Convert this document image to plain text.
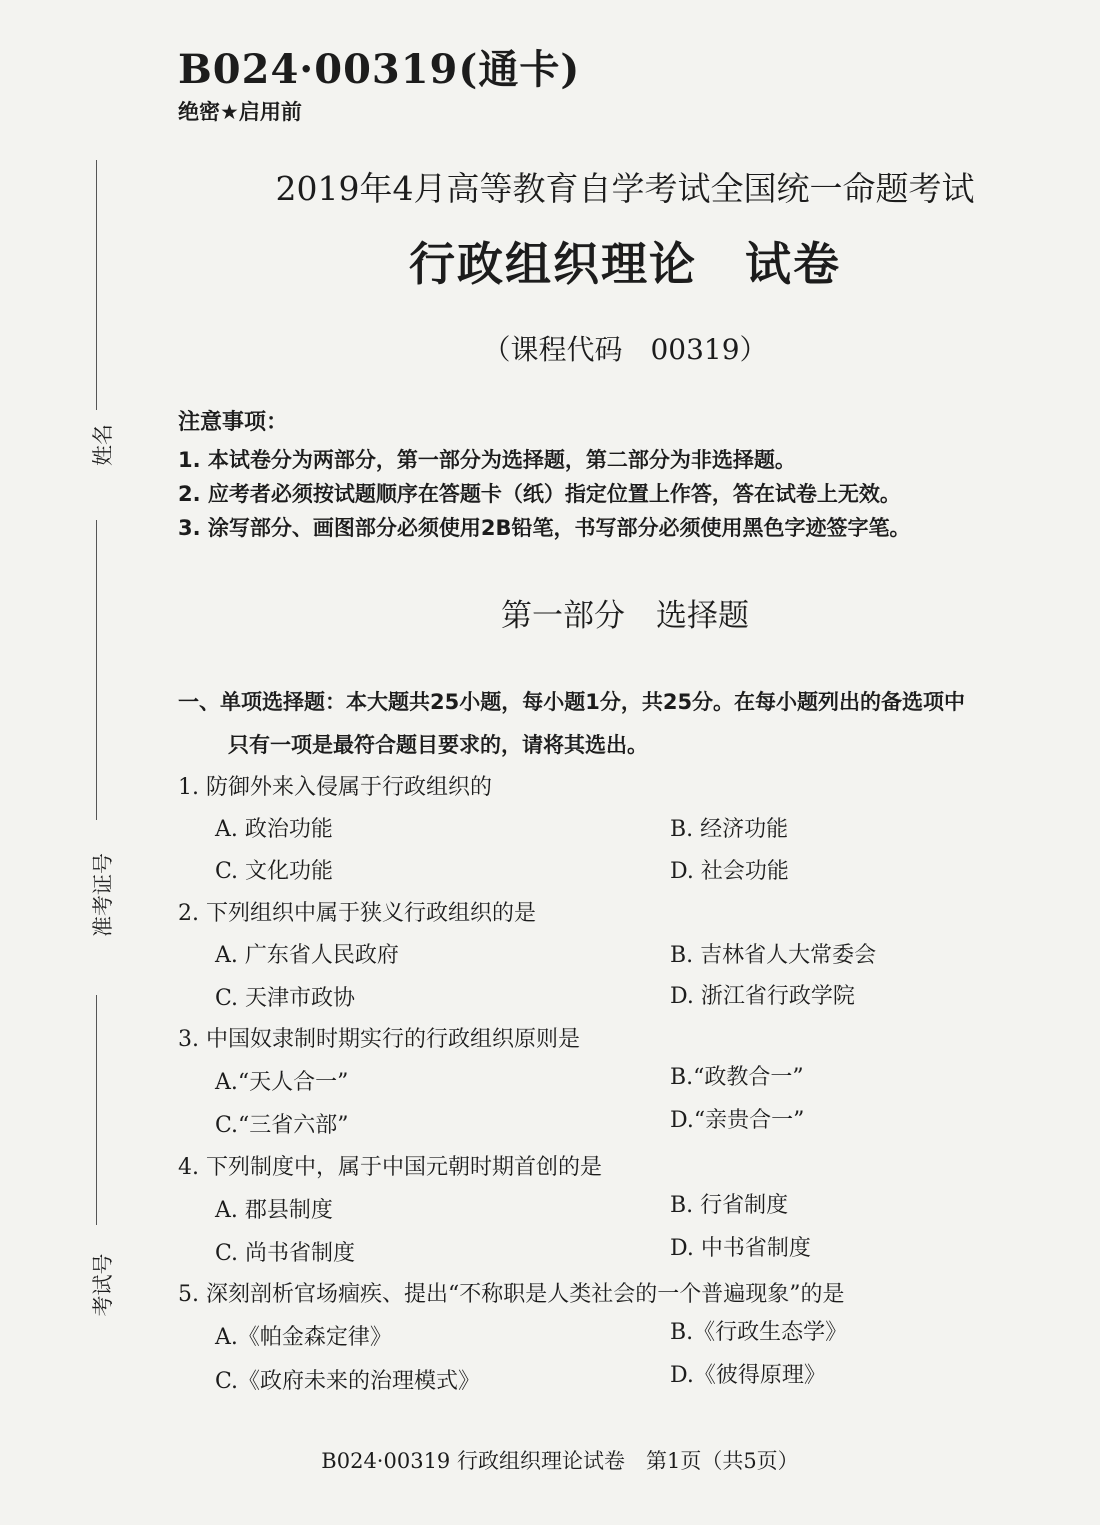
姓名
准考证号
考试号
B024·00319(通卡)
绝密★启用前
2019年4月高等教育自学考试全国统一命题考试
行政组织理论　试卷
（课程代码　00319）
注意事项：
1. 本试卷分为两部分，第一部分为选择题，第二部分为非选择题。
2. 应考者必须按试题顺序在答题卡（纸）指定位置上作答，答在试卷上无效。
3. 涂写部分、画图部分必须使用2B铅笔，书写部分必须使用黑色字迹签字笔。
第一部分　选择题
一、单项选择题：本大题共25小题，每小题1分，共25分。在每小题列出的备选项中
只有一项是最符合题目要求的，请将其选出。
1. 防御外来入侵属于行政组织的
A. 政治功能	B. 经济功能
C. 文化功能	D. 社会功能
2. 下列组织中属于狭义行政组织的是
A. 广东省人民政府	B. 吉林省人大常委会
C. 天津市政协	D. 浙江省行政学院
3. 中国奴隶制时期实行的行政组织原则是
A.“天人合一”	B.“政教合一”
C.“三省六部”	D.“亲贵合一”
4. 下列制度中，属于中国元朝时期首创的是
A. 郡县制度	B. 行省制度
C. 尚书省制度	D. 中书省制度
5. 深刻剖析官场痼疾、提出“不称职是人类社会的一个普遍现象”的是
A.《帕金森定律》	B.《行政生态学》
C.《政府未来的治理模式》	D.《彼得原理》
B024·00319 行政组织理论试卷　第1页（共5页）
